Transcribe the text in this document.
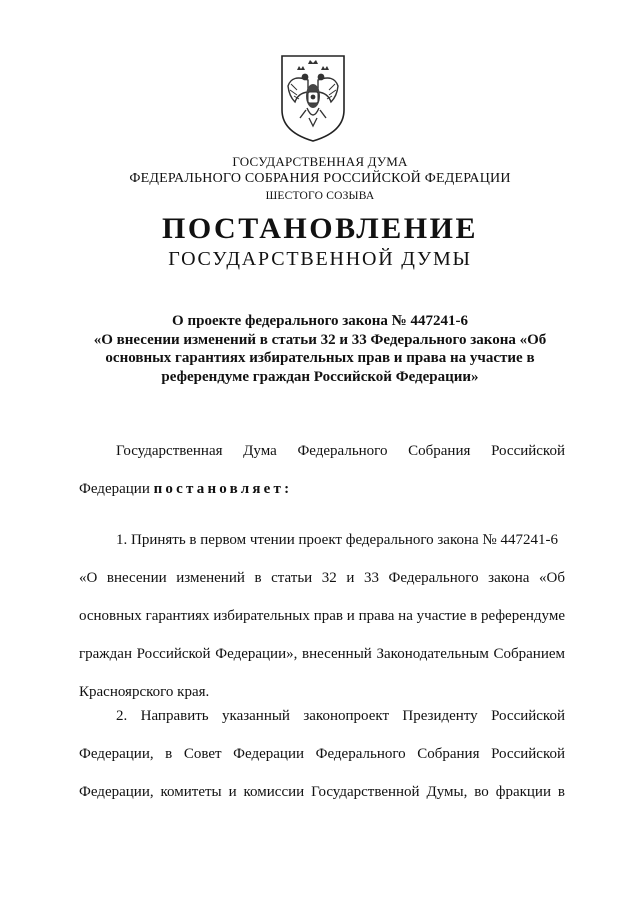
ГОСУДАРСТВЕННАЯ ДУМА
ФЕДЕРАЛЬНОГО СОБРАНИЯ РОССИЙСКОЙ ФЕДЕРАЦИИ
ШЕСТОГО СОЗЫВА
ПОСТАНОВЛЕНИЕ
ГОСУДАРСТВЕННОЙ ДУМЫ
О проекте федерального закона № 447241-6
«О внесении изменений в статьи 32 и 33 Федерального закона «Об
основных гарантиях избирательных прав и права на участие в
референдуме граждан Российской Федерации»
Государственная Дума Федерального Собрания Российской
Федерации постановляет:
1. Принять в первом чтении проект федерального закона № 447241-6
«О внесении изменений в статьи 32 и 33 Федерального закона «Об
основных гарантиях избирательных прав и права на участие в референдуме
граждан Российской Федерации», внесенный Законодательным Собранием
Красноярского края.
2. Направить указанный законопроект Президенту Российской
Федерации, в Совет Федерации Федерального Собрания Российской
Федерации, комитеты и комиссии Государственной Думы, во фракции в
